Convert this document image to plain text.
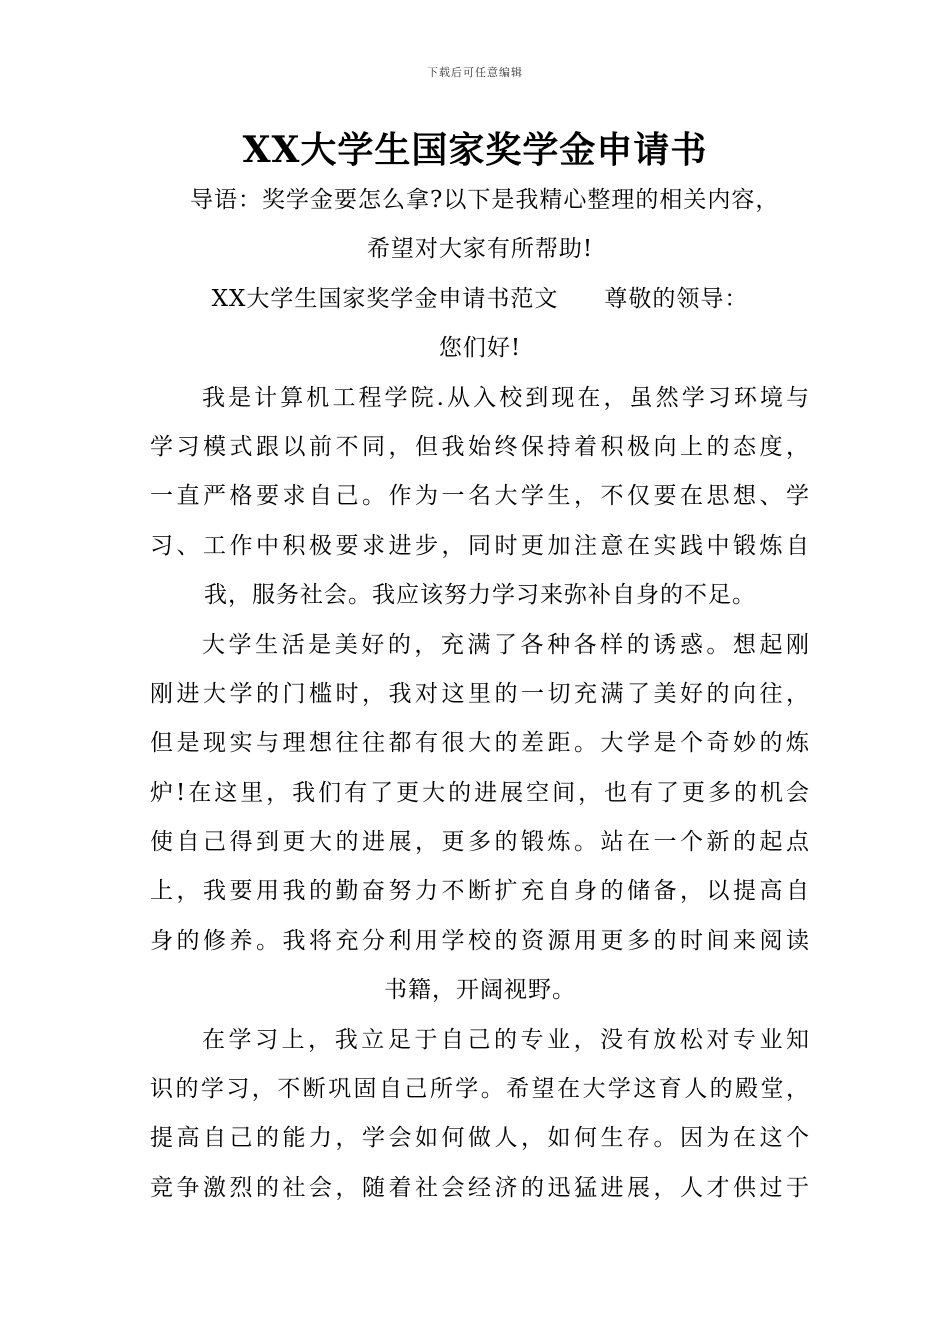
下载后可任意编辑
XX大学生国家奖学金申请书
导语：奖学金要怎么拿?以下是我精心整理的相关内容，
希望对大家有所帮助!
XX大学生国家奖学金申请书范文 尊敬的领导：
您们好!
我是计算机工程学院.从入校到现在，虽然学习环境与
学习模式跟以前不同，但我始终保持着积极向上的态度，
一直严格要求自己。作为一名大学生，不仅要在思想、学
习、工作中积极要求进步，同时更加注意在实践中锻炼自
我，服务社会。我应该努力学习来弥补自身的不足。
大学生活是美好的，充满了各种各样的诱惑。想起刚
刚进大学的门槛时，我对这里的一切充满了美好的向往，
但是现实与理想往往都有很大的差距。大学是个奇妙的炼
炉!在这里，我们有了更大的进展空间，也有了更多的机会
使自己得到更大的进展，更多的锻炼。站在一个新的起点
上，我要用我的勤奋努力不断扩充自身的储备，以提高自
身的修养。我将充分利用学校的资源用更多的时间来阅读
书籍，开阔视野。
在学习上，我立足于自己的专业，没有放松对专业知
识的学习，不断巩固自己所学。希望在大学这育人的殿堂，
提高自己的能力，学会如何做人，如何生存。因为在这个
竞争激烈的社会，随着社会经济的迅猛进展，人才供过于
